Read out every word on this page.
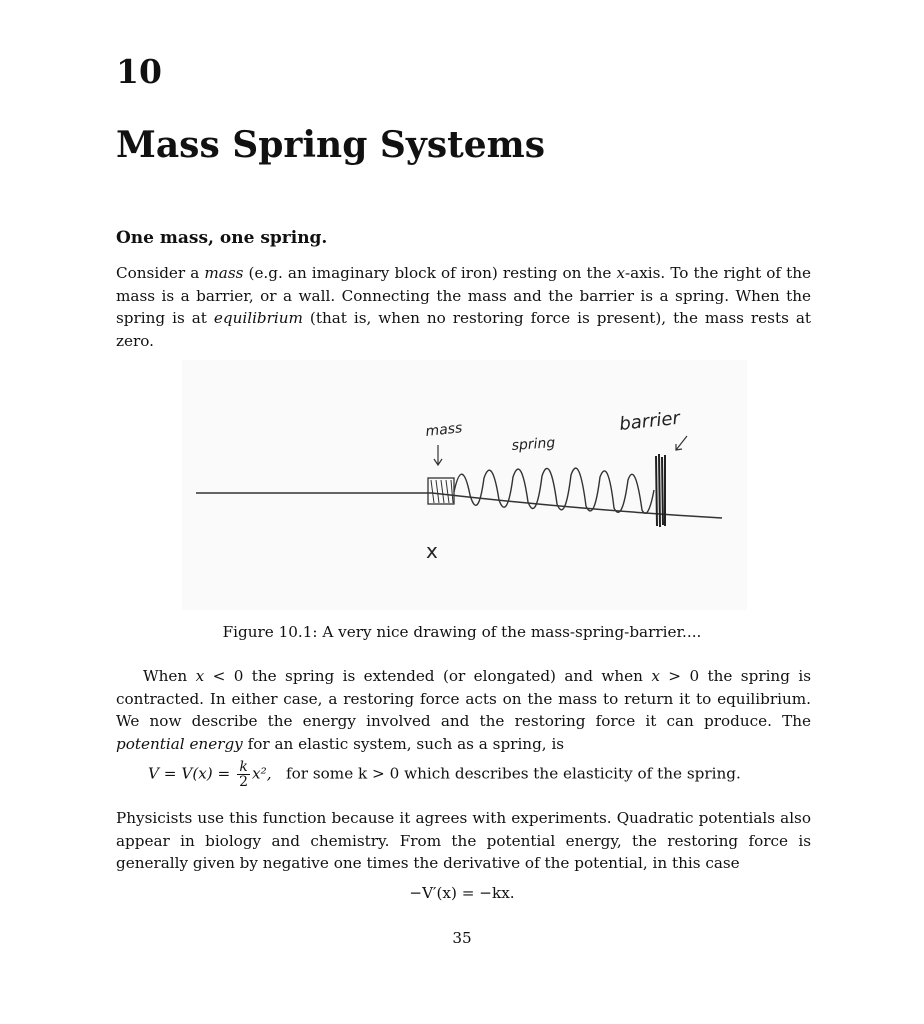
10
Mass Spring Systems
One mass, one spring.

Consider a mass (e.g. an imaginary block of iron) resting on the x-axis. To the right of the mass is a barrier, or a wall. Connecting the mass and the barrier is a spring. When the spring is at equilibrium (that is, when no restoring force is present), the mass rests at zero.

mass
spring
barrier
x

Figure 10.1: A very nice drawing of the mass-spring-barrier....

When x < 0 the spring is extended (or elongated) and when x > 0 the spring is contracted. In either case, a restoring force acts on the mass to return it to equilibrium. We now describe the energy involved and the restoring force it can produce. The potential energy for an elastic system, such as a spring, is

$V = V(x) = \frac{k}{2} x^2$,   for some k > 0 which describes the elasticity of the spring.

Physicists use this function because it agrees with experiments. Quadratic potentials also appear in biology and chemistry. From the potential energy, the restoring force is generally given by negative one times the derivative of the potential, in this case

−V′(x) = −kx.

35
